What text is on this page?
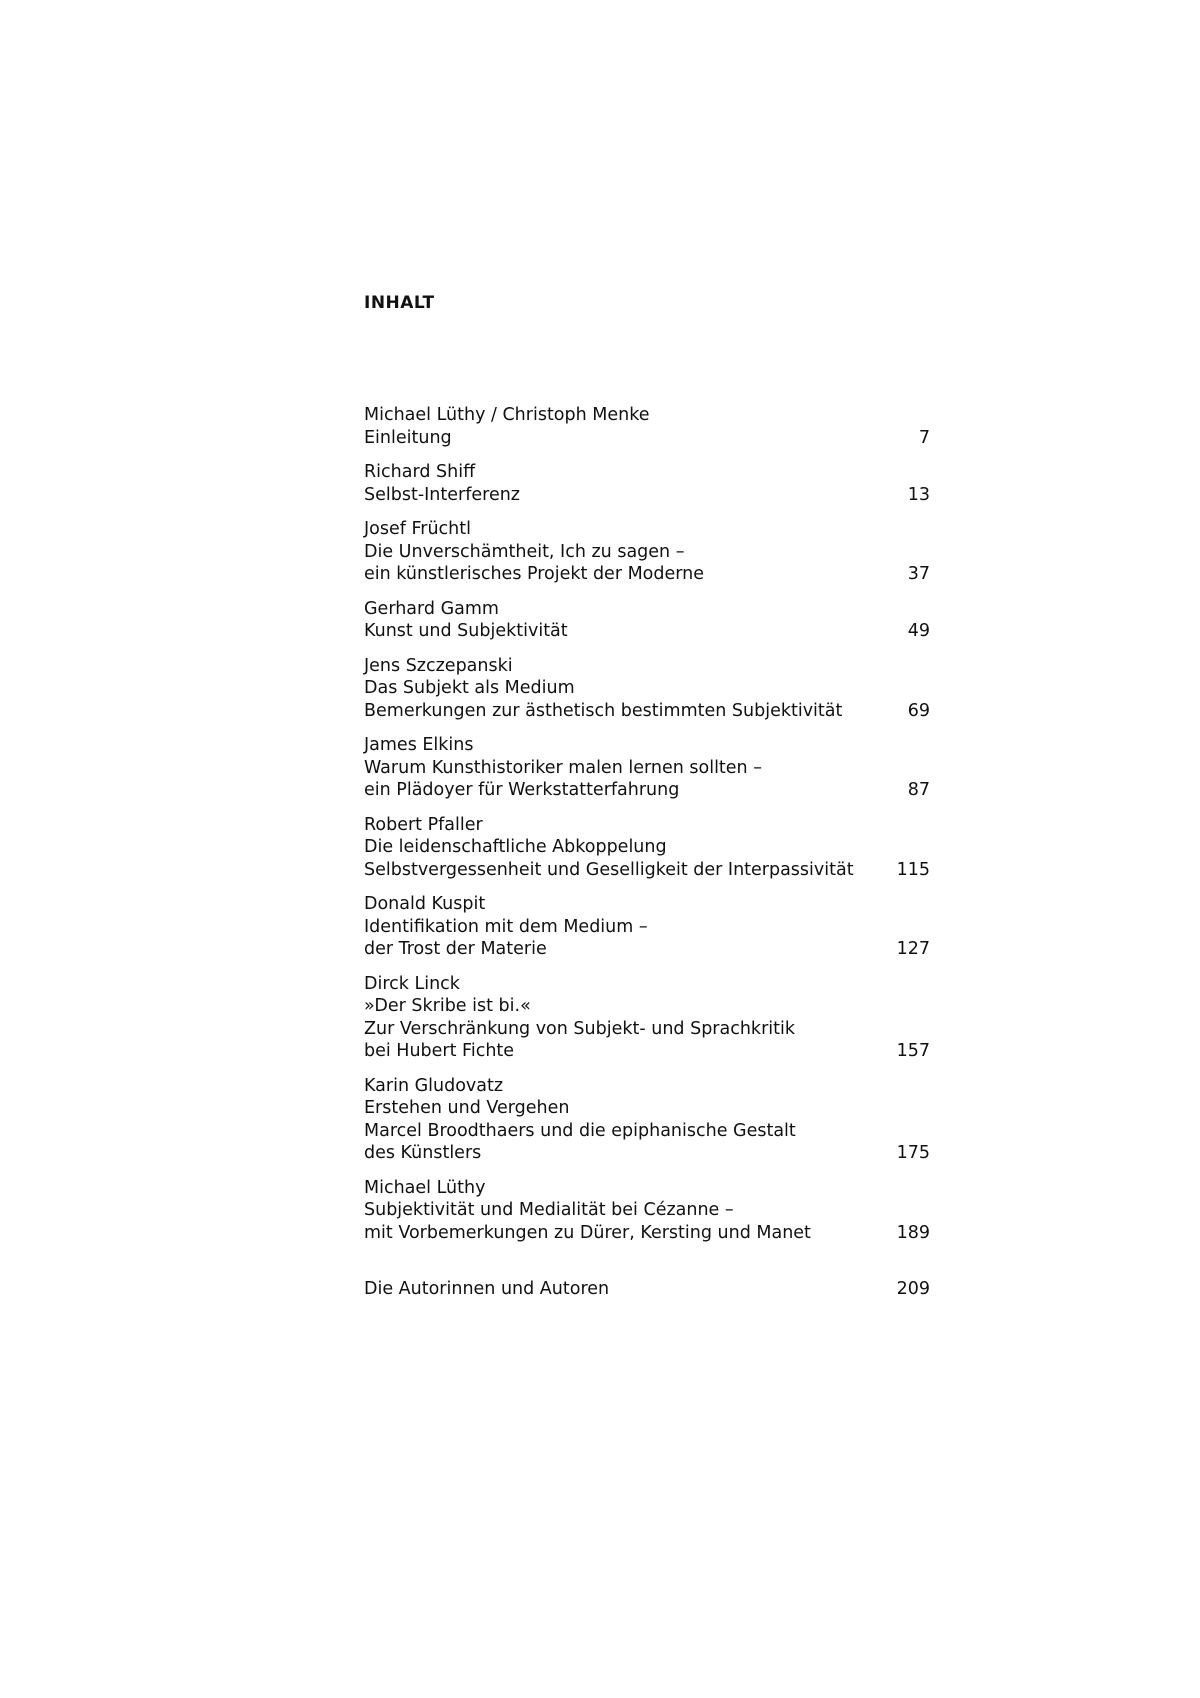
INHALT
Michael Lüthy / Christoph Menke
Einleitung	7
Richard Shiff
Selbst-Interferenz	13
Josef Früchtl
Die Unverschämtheit, Ich zu sagen –
ein künstlerisches Projekt der Moderne	37
Gerhard Gamm
Kunst und Subjektivität	49
Jens Szczepanski
Das Subjekt als Medium
Bemerkungen zur ästhetisch bestimmten Subjektivität	69
James Elkins
Warum Kunsthistoriker malen lernen sollten –
ein Plädoyer für Werkstatterfahrung	87
Robert Pfaller
Die leidenschaftliche Abkoppelung
Selbstvergessenheit und Geselligkeit der Interpassivität	115
Donald Kuspit
Identifikation mit dem Medium –
der Trost der Materie	127
Dirck Linck
»Der Skribe ist bi.«
Zur Verschränkung von Subjekt- und Sprachkritik
bei Hubert Fichte	157
Karin Gludovatz
Erstehen und Vergehen
Marcel Broodthaers und die epiphanische Gestalt
des Künstlers	175
Michael Lüthy
Subjektivität und Medialität bei Cézanne –
mit Vorbemerkungen zu Dürer, Kersting und Manet	189
Die Autorinnen und Autoren	209
